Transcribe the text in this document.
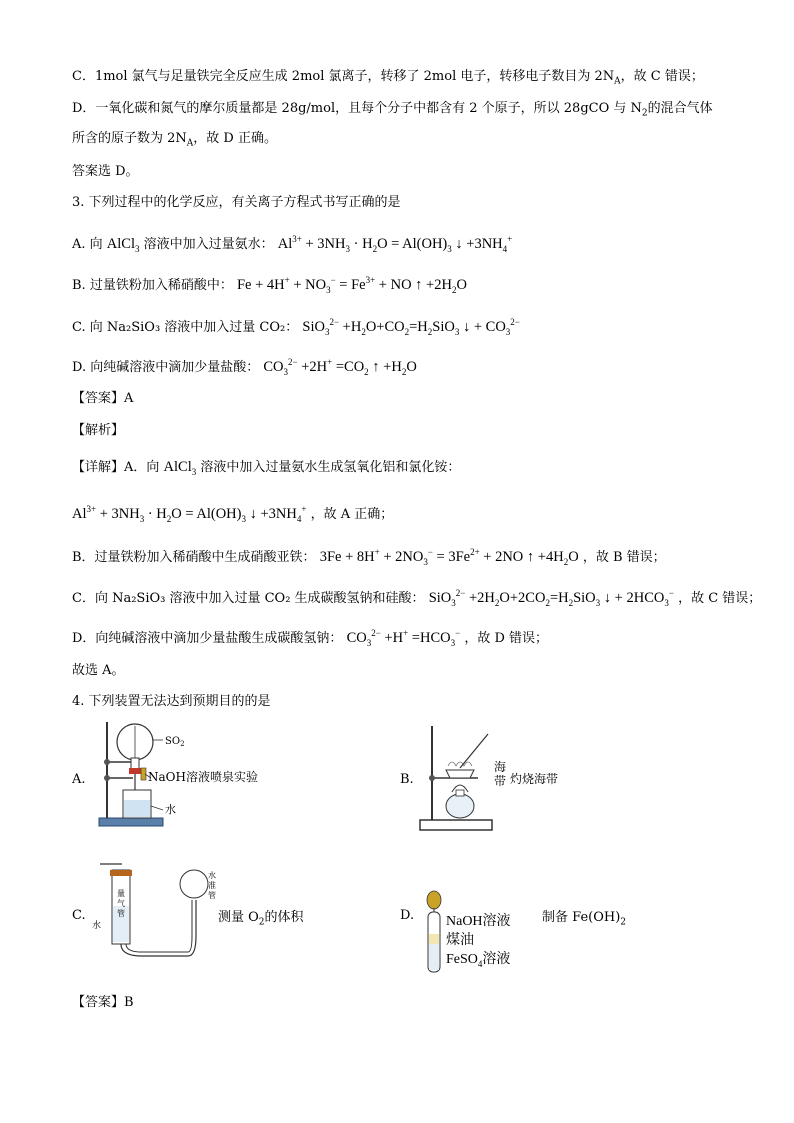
C．1mol 氯气与足量铁完全反应生成 2mol 氯离子，转移了 2mol 电子，转移电子数目为 $2N_A$，故 C 错误；
D．一氧化碳和氮气的摩尔质量都是 28g/mol，且每个分子中都含有 2 个原子，所以 28gCO 与 $N_2$的混合气体
所含的原子数为 $2N_A$，故 D 正确。
答案选 D。
3. 下列过程中的化学反应，有关离子方程式书写正确的是
A. 向 AlCl$_3$ 溶液中加入过量氨水： $Al^{3+} + 3NH_3 \cdot H_2O = Al(OH)_3$ ↓ $+3NH_4^+$
B. 过量铁粉加入稀硝酸中： $Fe + 4H^+ + NO_3^- = Fe^{3+}$ + NO ↑ $+2H_2O$
C. 向 Na₂SiO₃ 溶液中加入过量 CO₂： $SiO_3^{2-} +H_2O+CO_2=H_2SiO_3$ ↓ + $CO_3^{2-}$
D. 向纯碱溶液中滴加少量盐酸： $CO_3^{2-} +2H^+ =CO_2$ ↑ $+H_2O$
【答案】A
【解析】
【详解】A．向 AlCl$_3$ 溶液中加入过量氨水生成氢氧化铝和氯化铵：
$Al^{3+} + 3NH_3 \cdot H_2O = Al(OH)_3$ ↓ $+3NH_4^+$ ，故 A 正确；
B．过量铁粉加入稀硝酸中生成硝酸亚铁： $3Fe + 8H^+ + 2NO_3^- = 3Fe^{2+} + 2NO$ ↑ $+4H_2O$ ，故 B 错误；
C．向 Na₂SiO₃ 溶液中加入过量 CO₂ 生成碳酸氢钠和硅酸： $SiO_3^{2-} +2H_2O+2CO_2=H_2SiO_3$ ↓ + $2HCO_3^-$ ，故 C 错误；
D．向纯碱溶液中滴加少量盐酸生成碳酸氢钠： $CO_3^{2-} +H^+ =HCO_3^-$ ，故 D 错误；
故选 A。
4. 下列装置无法达到预期目的的是
A.
$SO_2$
水
NaOH溶液喷泉实验	B.
海
带 灼烧海带
C.
量气管
水
水准管
测量 $O_2$的体积	D. NaOH溶液
煤油
FeSO$_4$溶液
制备 $Fe(OH)_2$
【答案】B
